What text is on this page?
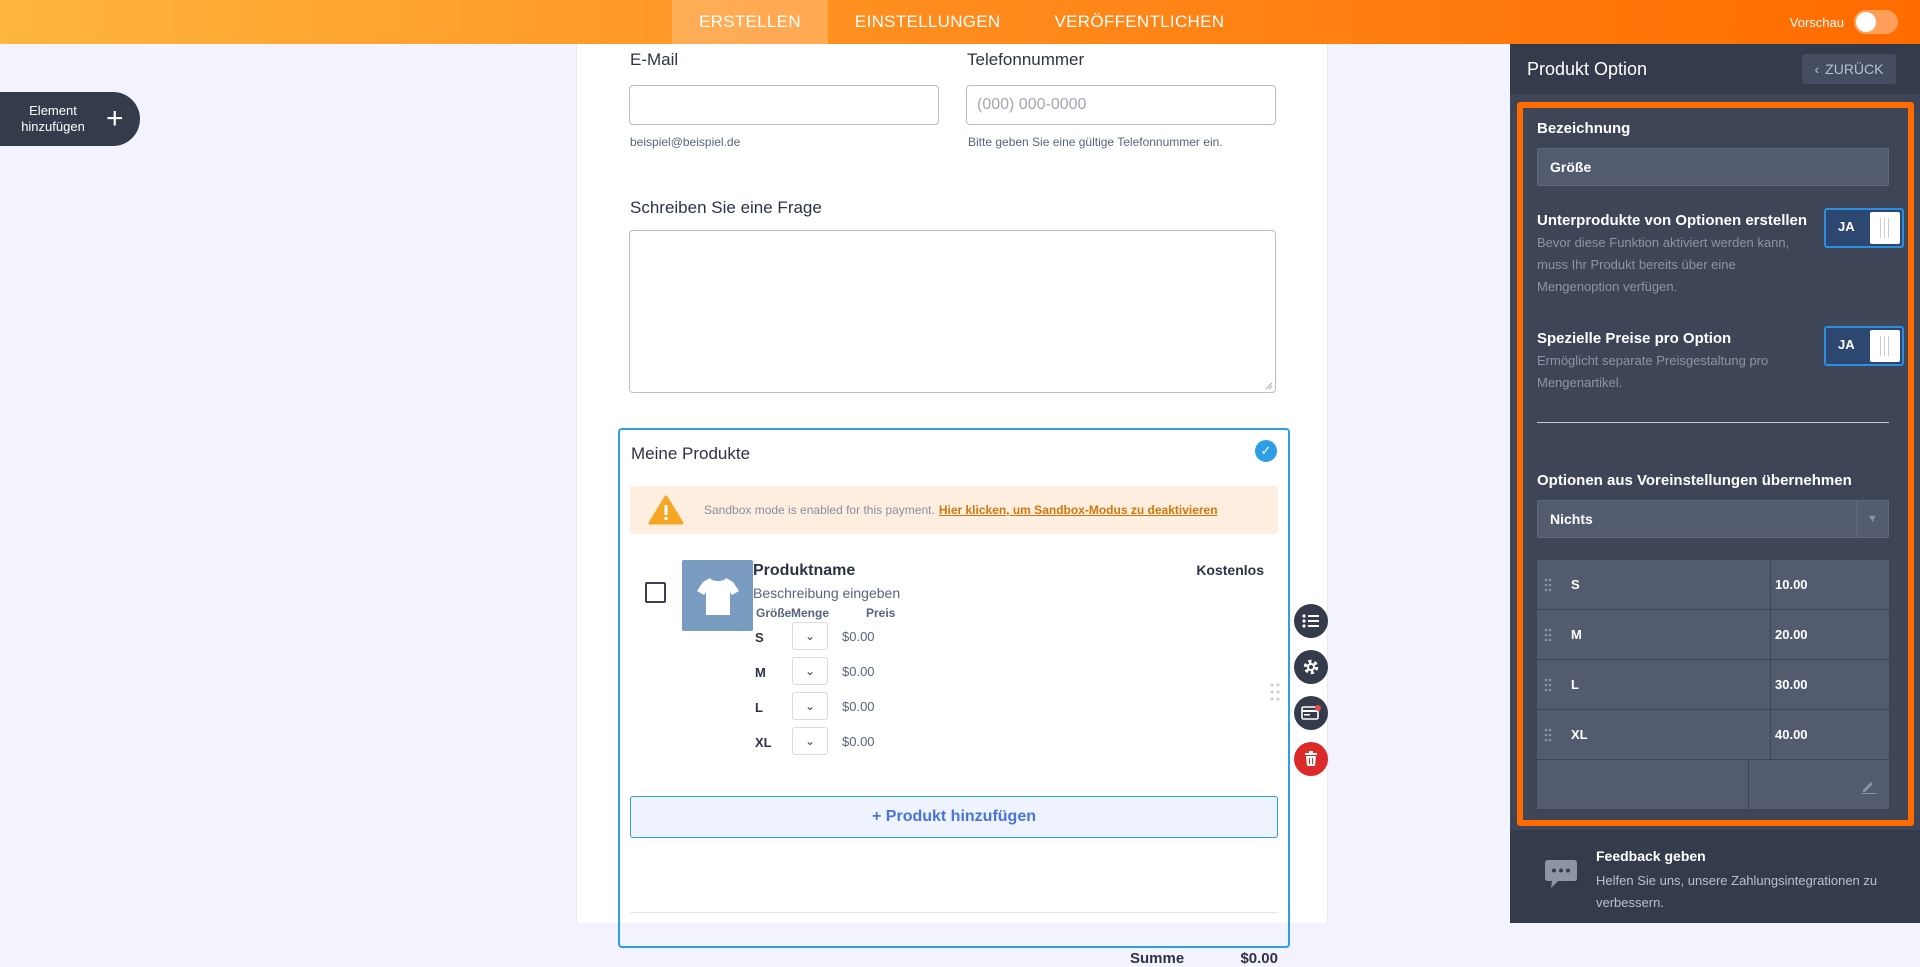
ERSTELLEN	EINSTELLUNGEN	VERÖFFENTLICHEN	Vorschau
Element
hinzufügen +
E-Mail
beispiel@beispiel.de
Telefonnummer
(000) 000-0000
Bitte geben Sie eine gültige Telefonnummer ein.
Schreiben Sie eine Frage
Meine Produkte	✓
Sandbox mode is enabled for this payment. Hier klicken, um Sandbox-Modus zu deaktivieren
Produktname
Beschreibung eingeben
Kostenlos
Größe Menge	Preis
S	⌄	$0.00
M	⌄	$0.00
L	⌄	$0.00
XL	⌄	$0.00
+ Produkt hinzufügen
Summe	$0.00
Produkt Option	‹ ZURÜCK
Bezeichnung
Größe
Unterprodukte von Optionen erstellen
Bevor diese Funktion aktiviert werden kann, muss Ihr Produkt bereits über eine Mengenoption verfügen.
JA
Spezielle Preise pro Option
Ermöglicht separate Preisgestaltung pro Mengenartikel.
JA
Optionen aus Voreinstellungen übernehmen
Nichts	▼
S	10.00
M	20.00
L	30.00
XL	40.00
Feedback geben
Helfen Sie uns, unsere Zahlungsintegrationen zu verbessern.
